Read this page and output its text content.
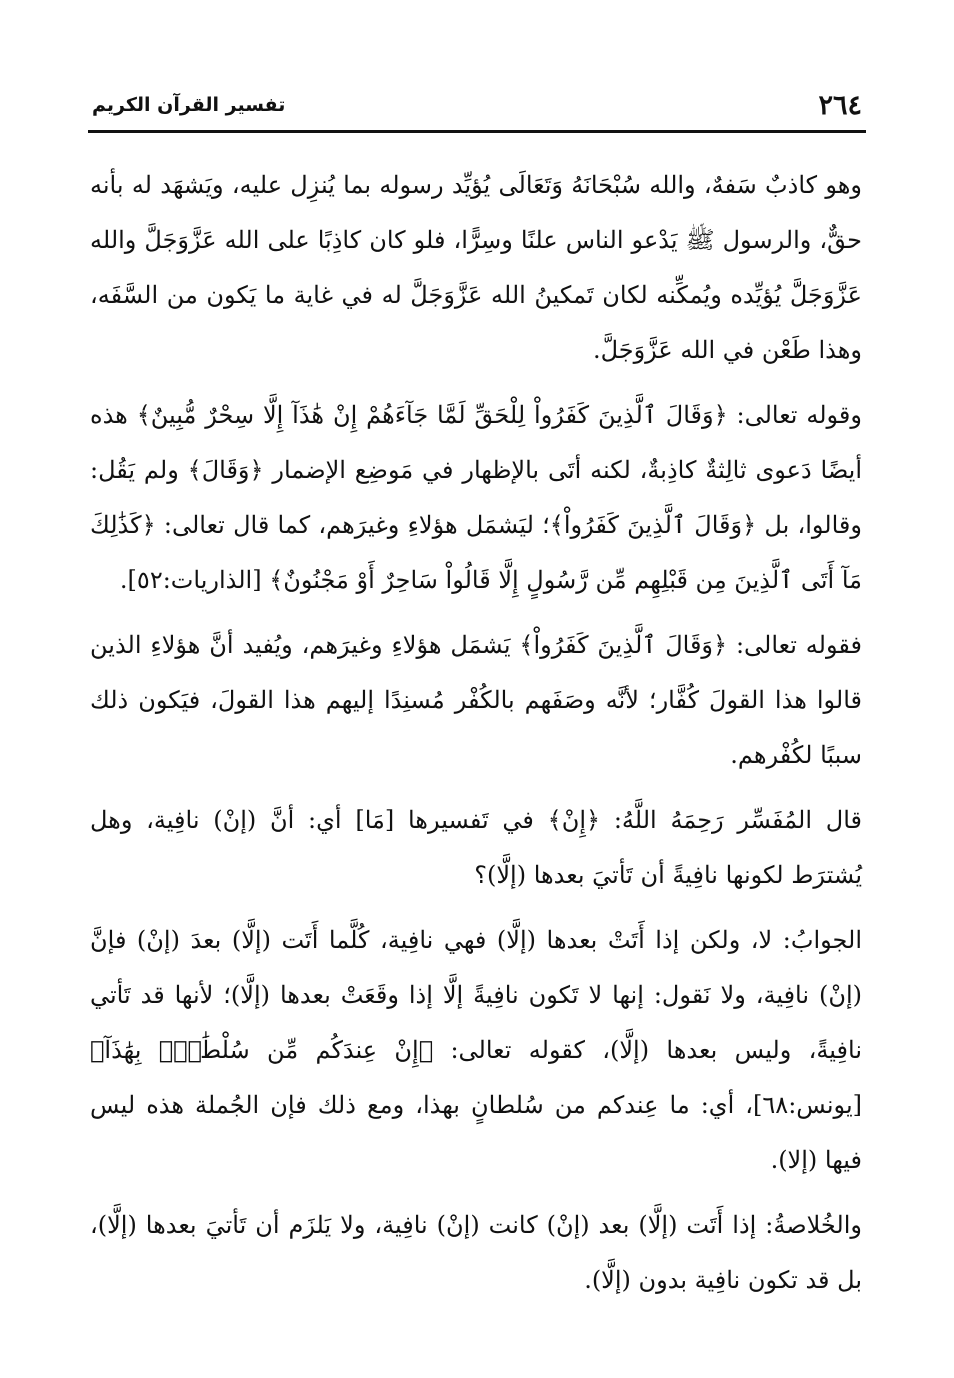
٢٦٤
تفسير القرآن الكريم

وهو كاذبٌ سَفهٌ، والله سُبْحَانَهُ وَتَعَالَى يُؤيِّد رسوله بما يُنزِل عليه، ويَشهَد له بأنه حقٌّ، والرسول ﷺ يَدْعو الناس علنًا وسِرًّا، فلو كان كاذِبًا على الله عَزَّوَجَلَّ والله عَزَّوَجَلَّ يُؤيِّده ويُمكِّنه لكان تَمكينُ الله عَزَّوَجَلَّ له في غاية ما يَكون من السَّفَه، وهذا طَعْن في الله عَزَّوَجَلَّ.

وقوله تعالى: ﴿وَقَالَ ٱلَّذِينَ كَفَرُواْ لِلْحَقِّ لَمَّا جَآءَهُمْ إِنْ هَٰذَآ إِلَّا سِحْرٌ مُّبِينٌ﴾ هذه أيضًا دَعوى ثالِثةٌ كاذِبةٌ، لكنه أتَى بالإظهار في مَوضِع الإضمار ﴿وَقَالَ﴾ ولم يَقُل: وقالوا، بل ﴿وَقَالَ ٱلَّذِينَ كَفَرُواْ﴾؛ ليَشمَل هؤلاءِ وغيرَهم، كما قال تعالى: ﴿كَذَٰلِكَ مَآ أَتَى ٱلَّذِينَ مِن قَبْلِهِم مِّن رَّسُولٍ إِلَّا قَالُواْ سَاحِرٌ أَوْ مَجْنُونٌ﴾ [الذاريات:٥٢].

فقوله تعالى: ﴿وَقَالَ ٱلَّذِينَ كَفَرُواْ﴾ يَشمَل هؤلاءِ وغيرَهم، ويُفيد أنَّ هؤلاءِ الذين قالوا هذا القولَ كُفَّار؛ لأنَّه وصَفَهم بالكُفْر مُسنِدًا إليهم هذا القولَ، فيَكون ذلك سببًا لكُفْرهم.

قال المُفَسِّر رَحِمَهُ اللَّهُ: ﴿إِنْ﴾ في تَفسيرها [مَا] أي: أنَّ (إنْ) نافِية، وهل يُشترَط لكونها نافِيةً أن تَأتيَ بعدها (إلَّا)؟

الجوابُ: لا، ولكن إذا أَتَتْ بعدها (إلَّا) فهي نافِية، كُلَّما أَتَت (إلَّا) بعدَ (إنْ) فإنَّ (إنْ) نافِية، ولا نَقول: إنها لا تَكون نافِيةً إلَّا إذا وقَعَتْ بعدها (إلَّا)؛ لأنها قد تَأتي نافِيةً، وليس بعدها (إلَّا)، كقوله تعالى: ﴿إِنْ عِندَكُم مِّن سُلْطَٰنٍۭ بِهَٰذَآ﴾ [يونس:٦٨]، أي: ما عِندكم من سُلطانٍ بهذا، ومع ذلك فإن الجُملة هذه ليس فيها (إلا).

والخُلاصةُ: إذا أَتَت (إلَّا) بعد (إنْ) كانت (إنْ) نافِية، ولا يَلزَم أن تَأتيَ بعدها (إلَّا)، بل قد تكون نافِية بدون (إلَّا).
